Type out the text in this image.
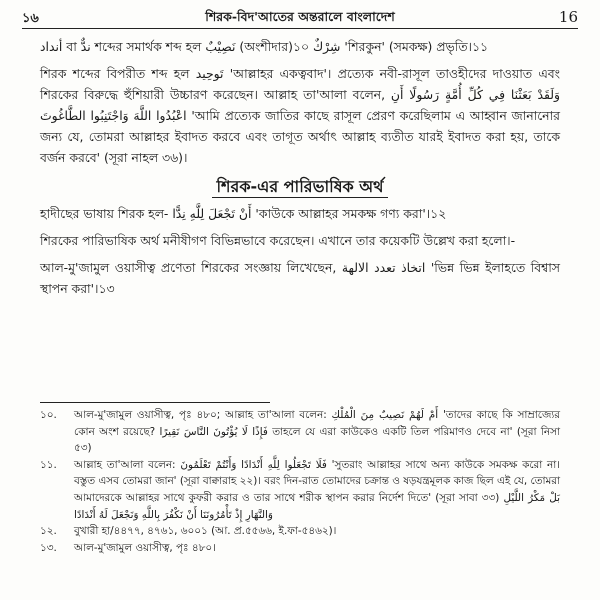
১৬	শিরক-বিদ'আতের অন্তরালে বাংলাদেশ	16

أنداد বা ندٌّ শব্দের সমার্থক শব্দ হল نَصِيْبٌ (অংশীদার)১০ شِرْكٌ 'শিরকুন' (সমকক্ষ) প্রভৃতি।১১

শিরক শব্দের বিপরীত শব্দ হল تَوحِيد 'আল্লাহর একত্ববাদ'। প্রত্যেক নবী-রাসূল তাওহীদের দাওয়াত এবং শিরকের বিরুদ্ধে হুঁশিয়ারী উচ্চারণ করেছেন। আল্লাহ তা'আলা বলেন, وَلَقَدْ بَعَثْنَا فِي كُلِّ أُمَّةٍ رَسُولًا أَنِ اعْبُدُوا اللَّهَ وَاجْتَنِبُوا الطَّاغُوتَ 'আমি প্রত্যেক জাতির কাছে রাসূল প্রেরণ করেছিলাম এ আহ্বান জানানোর জন্য যে, তোমরা আল্লাহর ইবাদত করবে এবং তাগূত অর্থাৎ আল্লাহ ব্যতীত যারই ইবাদত করা হয়, তাকে বর্জন করবে' (সূরা নাহল ৩৬)।

শিরক-এর পারিভাষিক অর্থ

হাদীছের ভাষায় শিরক হল- أَنْ تَجْعَلَ لِلَّهِ نِدًّا 'কাউকে আল্লাহর সমকক্ষ গণ্য করা'।১২

শিরকের পারিভাষিক অর্থ মনীষীগণ বিভিন্নভাবে করেছেন। এখানে তার কয়েকটি উল্লেখ করা হলো।-

আল-মু'জামুল ওয়াসীত্ব প্রণেতা শিরকের সংজ্ঞায় লিখেছেন, اتخاذ تعدد الالهة 'ভিন্ন ভিন্ন ইলাহতে বিশ্বাস স্থাপন করা'।১৩

১০.	আল-মু'জামুল ওয়াসীত্ব, পৃঃ ৪৮০; আল্লাহ তা'আলা বলেন: أَمْ لَهُمْ نَصِيبٌ مِنَ الْمُلْكِ 'তাদের কাছে কি সাম্রাজ্যের কোন অংশ রয়েছে? فَإِذًا لَا يُؤْتُونَ النَّاسَ نَقِيرًا তাহলে যে এরা কাউকেও একটি তিল পরিমাণও দেবে না' (সূরা নিসা ৫৩)
১১.	আল্লাহ তা'আলা বলেন: فَلَا تَجْعَلُوا لِلَّهِ أَنْدَادًا وَأَنْتُمْ تَعْلَمُونَ 'সুতরাং আল্লাহর সাথে অন্য কাউকে সমকক্ষ করো না। বস্তুত এসব তোমরা জান' (সূরা বাক্বারাহ ২২)। বরং দিন-রাত তোমাদের চক্রান্ত ও ষড়যন্ত্রমূলক কাজ ছিল এই যে, তোমরা আমাদেরকে আল্লাহর সাথে কুফরী করার ও তার সাথে শরীক স্থাপন করার নির্দেশ দিতে' (সূরা সাবা ৩৩) بَلْ مَكْرُ اللَّيْلِ وَالنَّهَارِ إِذْ تَأْمُرُونَنَا أَنْ نَكْفُرَ بِاللَّهِ وَنَجْعَلَ لَهُ أَنْدَادًا
১২.	বুখারী হা/৪৪৭৭, ৪৭৬১, ৬০০১ (আ. প্র.৫৫৬৬, ই.ফা-৫৪৬২)।
১৩.	আল-মু'জামুল ওয়াসীত্ব, পৃঃ ৪৮০।
